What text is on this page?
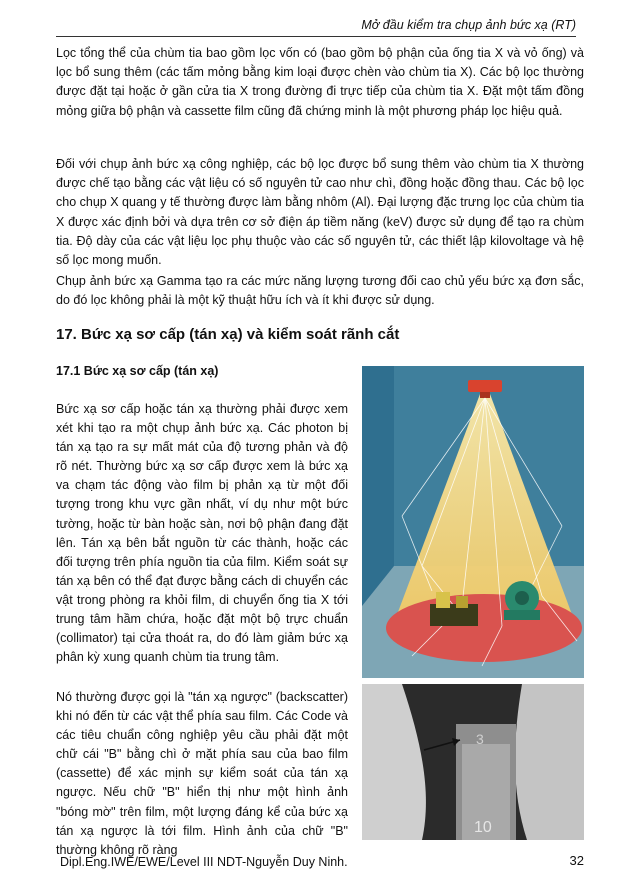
Mở đầu kiểm tra chụp ảnh bức xạ (RT)

Lọc tổng thể của chùm tia bao gồm lọc vốn có (bao gồm bộ phận của ống tia X và vỏ ống) và lọc bổ sung thêm (các tấm mỏng bằng kim loại được chèn vào chùm tia X). Các bộ lọc thường được đặt tại hoặc ở gần cửa tia X trong đường đi trực tiếp của chùm tia X. Đặt một tấm đồng mỏng giữa bộ phận và cassette film cũng đã chứng minh là một phương pháp lọc hiệu quả.

Đối với chụp ảnh bức xạ công nghiệp, các bộ lọc được bổ sung thêm vào chùm tia X thường được chế tạo bằng các vật liệu có số nguyên tử cao như chì, đồng hoặc đồng thau. Các bộ lọc cho chụp X quang y tế thường được làm bằng nhôm (Al). Đại lượng đặc trưng lọc của chùm tia X được xác định bởi và dựa trên cơ sở điện áp tiềm năng (keV) được sử dụng để tạo ra chùm tia. Độ dày của các vật liệu lọc phụ thuộc vào các số nguyên tử, các thiết lập kilovoltage và hệ số lọc mong muốn.

Chụp ảnh bức xạ Gamma tạo ra các mức năng lượng tương đối cao chủ yếu bức xạ đơn sắc, do đó lọc không phải là một kỹ thuật hữu ích và ít khi được sử dụng.

17. Bức xạ sơ cấp (tán xạ) và kiểm soát rãnh cắt
17.1 Bức xạ sơ cấp (tán xạ)

Bức xạ sơ cấp hoặc tán xạ thường phải được xem xét khi tạo ra một chụp ảnh bức xạ. Các photon bị tán xạ tạo ra sự mất mát của độ tương phản và độ rõ nét. Thường bức xạ sơ cấp được xem là bức xạ va chạm tác động vào film bị phản xạ từ một đối tượng trong khu vực gần nhất, ví dụ như một bức tường, hoặc từ bàn hoặc sàn, nơi bộ phận đang đặt lên. Tán xạ bên bắt nguồn từ các thành, hoặc các đối tượng trên phía nguồn tia của film. Kiểm soát sự tán xạ bên có thể đạt được bằng cách di chuyển các vật trong phòng ra khỏi film, di chuyển ống tia X tới trung tâm hầm chứa, hoặc đặt một bộ trực chuẩn (collimator) tại cửa thoát ra, do đó làm giảm bức xạ phân kỳ xung quanh chùm tia trung tâm.

Nó thường được gọi là "tán xạ ngược" (backscatter) khi nó đến từ các vật thể phía sau film. Các Code và các tiêu chuẩn công nghiệp yêu cầu phải đặt một chữ cái "B" bằng chì ở mặt phía sau của bao film (cassette) để xác mịnh sự kiểm soát của tán xạ ngược. Nếu chữ "B" hiển thị như một hình ảnh "bóng mờ" trên film, một lượng đáng kể của bức xạ tán xạ ngược là tới film. Hình ảnh của chữ "B" thường không rõ ràng

3
10
Dipl.Eng.IWE/EWE/Level III NDT-Nguyễn Duy Ninh.	32
